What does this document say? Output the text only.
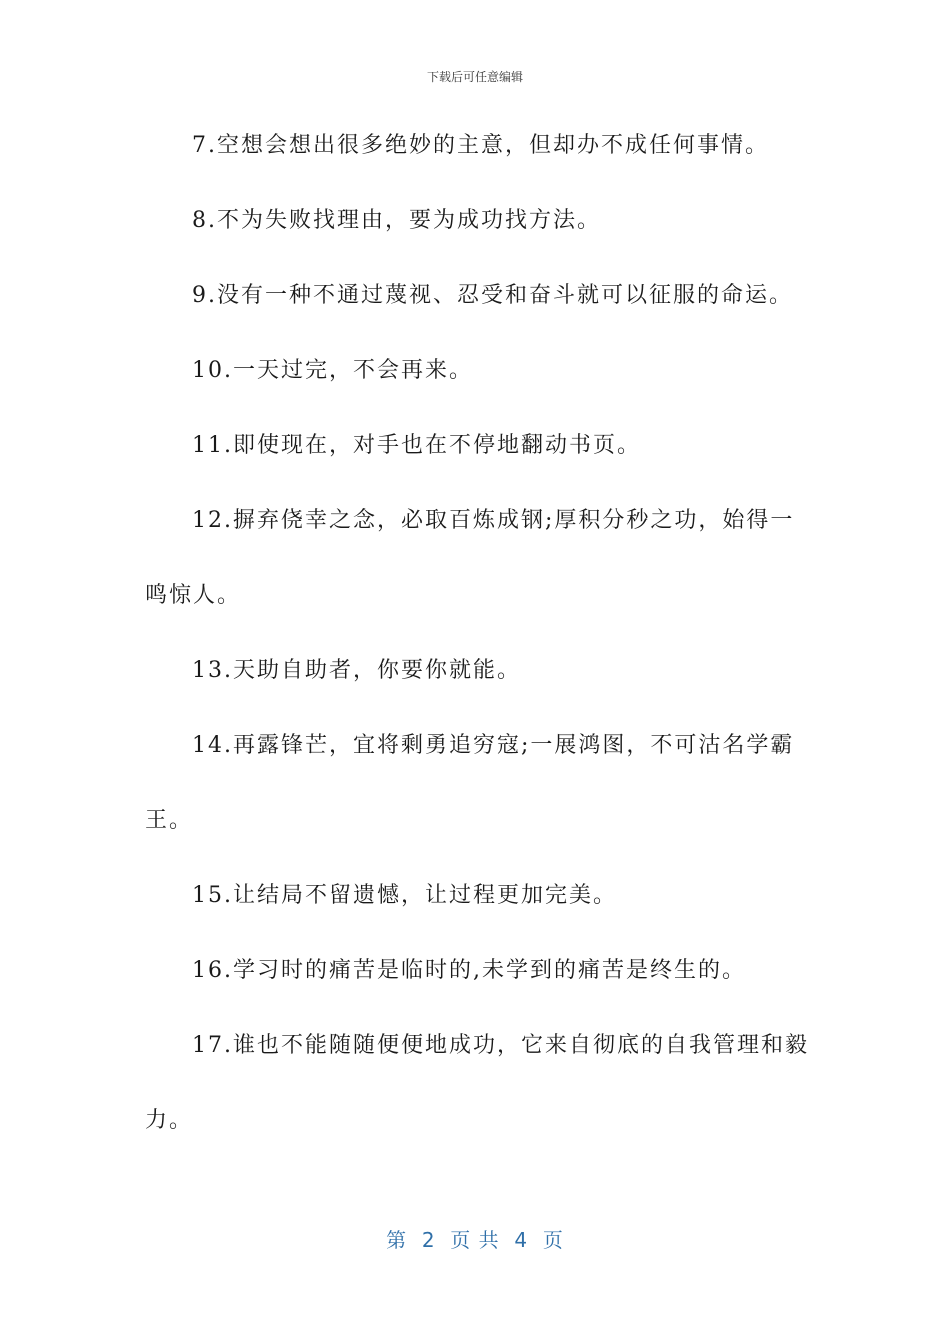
下载后可任意编辑
7.空想会想出很多绝妙的主意，但却办不成任何事情。
8.不为失败找理由，要为成功找方法。
9.没有一种不通过蔑视、忍受和奋斗就可以征服的命运。
10.一天过完，不会再来。
11.即使现在，对手也在不停地翻动书页。
12.摒弃侥幸之念，必取百炼成钢;厚积分秒之功，始得一
鸣惊人。
13.天助自助者，你要你就能。
14.再露锋芒，宜将剩勇追穷寇;一展鸿图，不可沽名学霸
王。
15.让结局不留遗憾，让过程更加完美。
16.学习时的痛苦是临时的,未学到的痛苦是终生的。
17.谁也不能随随便便地成功，它来自彻底的自我管理和毅
力。
第  2  页 共  4  页
